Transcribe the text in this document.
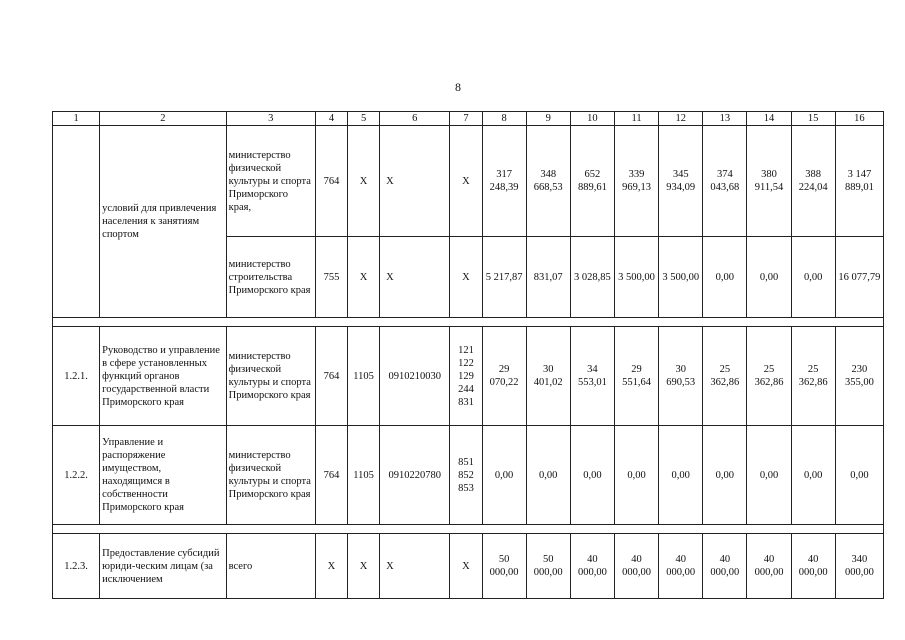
8
1	2	3	4	5	6	7	8	9	10	11	12	13	14	15	16
	условий для привлечения населения к занятиям спортом	министерство физической культуры и спорта Приморского края,	764	Х	Х	Х	317 248,39	348 668,53	652 889,61	339 969,13	345 934,09	374 043,68	380 911,54	388 224,04	3 147 889,01
		министерство строительства Приморского края	755	Х	Х	Х	5 217,87	831,07	3 028,85	3 500,00	3 500,00	0,00	0,00	0,00	16 077,79

1.2.1.	Руководство и управление в сфере установленных функций органов государственной власти Приморского края	министерство физической культуры и спорта Приморского края	764	1105	0910210030	121 122 129 244 831	29 070,22	30 401,02	34 553,01	29 551,64	30 690,53	25 362,86	25 362,86	25 362,86	230 355,00
1.2.2.	Управление и распоряжение имуществом, находящимся в собственности Приморского края	министерство физической культуры и спорта Приморского края	764	1105	0910220780	851 852 853	0,00	0,00	0,00	0,00	0,00	0,00	0,00	0,00	0,00

1.2.3.	Предоставление субсидий юриди-ческим лицам (за исключением	всего	Х	Х	Х	Х	50 000,00	50 000,00	40 000,00	40 000,00	40 000,00	40 000,00	40 000,00	40 000,00	340 000,00
